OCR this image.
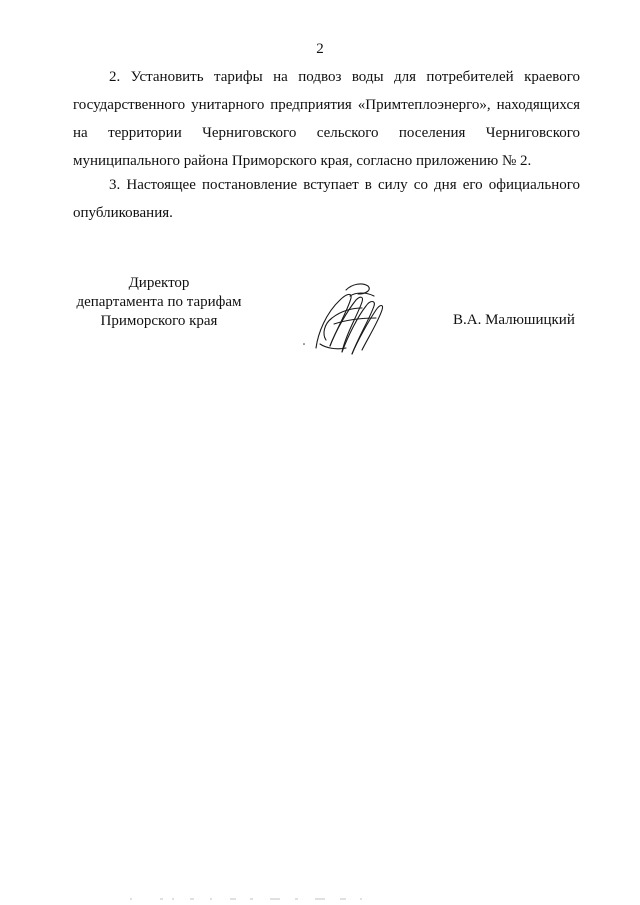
2

2. Установить тарифы на подвоз воды для потребителей краевого
государственного унитарного предприятия «Примтеплоэнерго», находящихся
на территории Черниговского сельского поселения Черниговского
муниципального района Приморского края, согласно приложению № 2.

3. Настоящее постановление вступает в силу со дня его официального
опубликования.

Директор
департамента по тарифам
Приморского края	В.А. Малюшицкий
